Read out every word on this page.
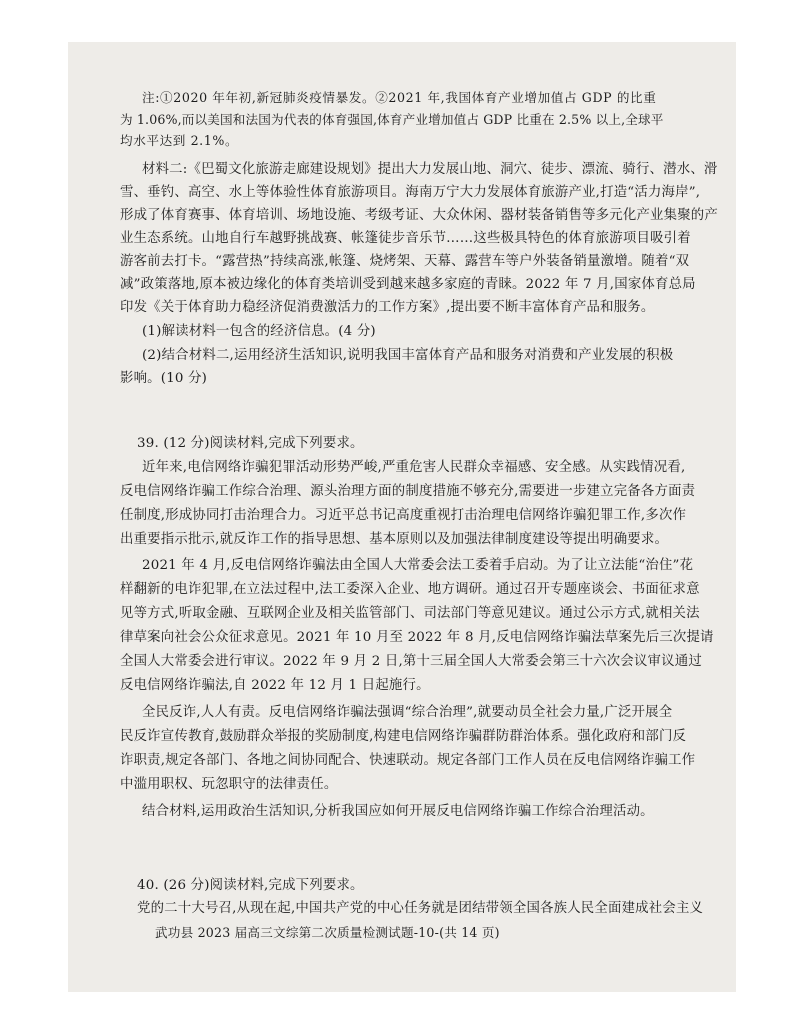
注:①2020 年年初,新冠肺炎疫情暴发。②2021 年,我国体育产业增加值占 GDP 的比重
为 1.06%,而以美国和法国为代表的体育强国,体育产业增加值占 GDP 比重在 2.5% 以上,全球平
均水平达到 2.1%。
材料二:《巴蜀文化旅游走廊建设规划》提出大力发展山地、洞穴、徒步、漂流、骑行、潜水、滑
雪、垂钓、高空、水上等体验性体育旅游项目。海南万宁大力发展体育旅游产业,打造“活力海岸”,
形成了体育赛事、体育培训、场地设施、考级考证、大众休闲、器材装备销售等多元化产业集聚的产
业生态系统。山地自行车越野挑战赛、帐篷徒步音乐节……这些极具特色的体育旅游项目吸引着
游客前去打卡。“露营热”持续高涨,帐篷、烧烤架、天幕、露营车等户外装备销量激增。随着“双
减”政策落地,原本被边缘化的体育类培训受到越来越多家庭的青睐。2022 年 7 月,国家体育总局
印发《关于体育助力稳经济促消费激活力的工作方案》,提出要不断丰富体育产品和服务。
(1)解读材料一包含的经济信息。(4 分)
(2)结合材料二,运用经济生活知识,说明我国丰富体育产品和服务对消费和产业发展的积极
影响。(10 分)
39. (12 分)阅读材料,完成下列要求。
近年来,电信网络诈骗犯罪活动形势严峻,严重危害人民群众幸福感、安全感。从实践情况看,
反电信网络诈骗工作综合治理、源头治理方面的制度措施不够充分,需要进一步建立完备各方面责
任制度,形成协同打击治理合力。习近平总书记高度重视打击治理电信网络诈骗犯罪工作,多次作
出重要指示批示,就反诈工作的指导思想、基本原则以及加强法律制度建设等提出明确要求。
2021 年 4 月,反电信网络诈骗法由全国人大常委会法工委着手启动。为了让立法能“治住”花
样翻新的电诈犯罪,在立法过程中,法工委深入企业、地方调研。通过召开专题座谈会、书面征求意
见等方式,听取金融、互联网企业及相关监管部门、司法部门等意见建议。通过公示方式,就相关法
律草案向社会公众征求意见。2021 年 10 月至 2022 年 8 月,反电信网络诈骗法草案先后三次提请
全国人大常委会进行审议。2022 年 9 月 2 日,第十三届全国人大常委会第三十六次会议审议通过
反电信网络诈骗法,自 2022 年 12 月 1 日起施行。
全民反诈,人人有责。反电信网络诈骗法强调“综合治理”,就要动员全社会力量,广泛开展全
民反诈宣传教育,鼓励群众举报的奖励制度,构建电信网络诈骗群防群治体系。强化政府和部门反
诈职责,规定各部门、各地之间协同配合、快速联动。规定各部门工作人员在反电信网络诈骗工作
中滥用职权、玩忽职守的法律责任。
结合材料,运用政治生活知识,分析我国应如何开展反电信网络诈骗工作综合治理活动。
40. (26 分)阅读材料,完成下列要求。
党的二十大号召,从现在起,中国共产党的中心任务就是团结带领全国各族人民全面建成社会主义
武功县 2023 届高三文综第二次质量检测试题-10-(共 14 页)
